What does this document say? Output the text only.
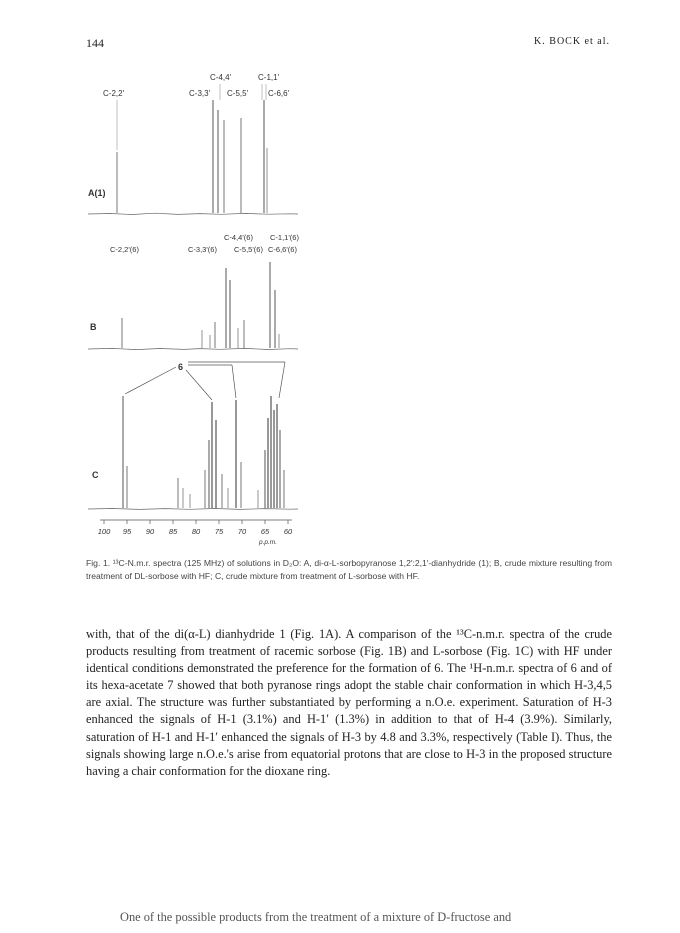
144	K. BOCK et al.
C-2,2'
C-4,4'
C-3,3' C-5,5'
C-1,1'
C-6,6'
A(1)
C-2,2'(6)
C-4,4'(6) C-1,1'(6)
C-3,3'(6) C-5,5'(6) C-6,6'(6)
B
6
C
100 95 90 85 80 75 70 65 60
p.p.m.
Fig. 1. ¹³C-N.m.r. spectra (125 MHz) of solutions in D₂O: A, di-α-L-sorbopyranose 1,2′:2,1′-dianhydride (1); B, crude mixture resulting from treatment of DL-sorbose with HF; C, crude mixture from treatment of L-sorbose with HF.

with, that of the di(α-L) dianhydride 1 (Fig. 1A). A comparison of the ¹³C-n.m.r. spectra of the crude products resulting from treatment of racemic sorbose (Fig. 1B) and L-sorbose (Fig. 1C) with HF under identical conditions demonstrated the preference for the formation of 6. The ¹H-n.m.r. spectra of 6 and of its hexa-acetate 7 showed that both pyranose rings adopt the stable chair conformation in which H-3,4,5 are axial. The structure was further substantiated by performing a n.O.e. experiment. Saturation of H-3 enhanced the signals of H-1 (3.1%) and H-1′ (1.3%) in addition to that of H-4 (3.9%). Similarly, saturation of H-1 and H-1′ enhanced the signals of H-3 by 4.8 and 3.3%, respectively (Table I). Thus, the signals showing large n.O.e.'s arise from equatorial protons that are close to H-3 in the proposed structure having a chair conformation for the dioxane ring.

One of the possible products from the treatment of a mixture of D-fructose and
